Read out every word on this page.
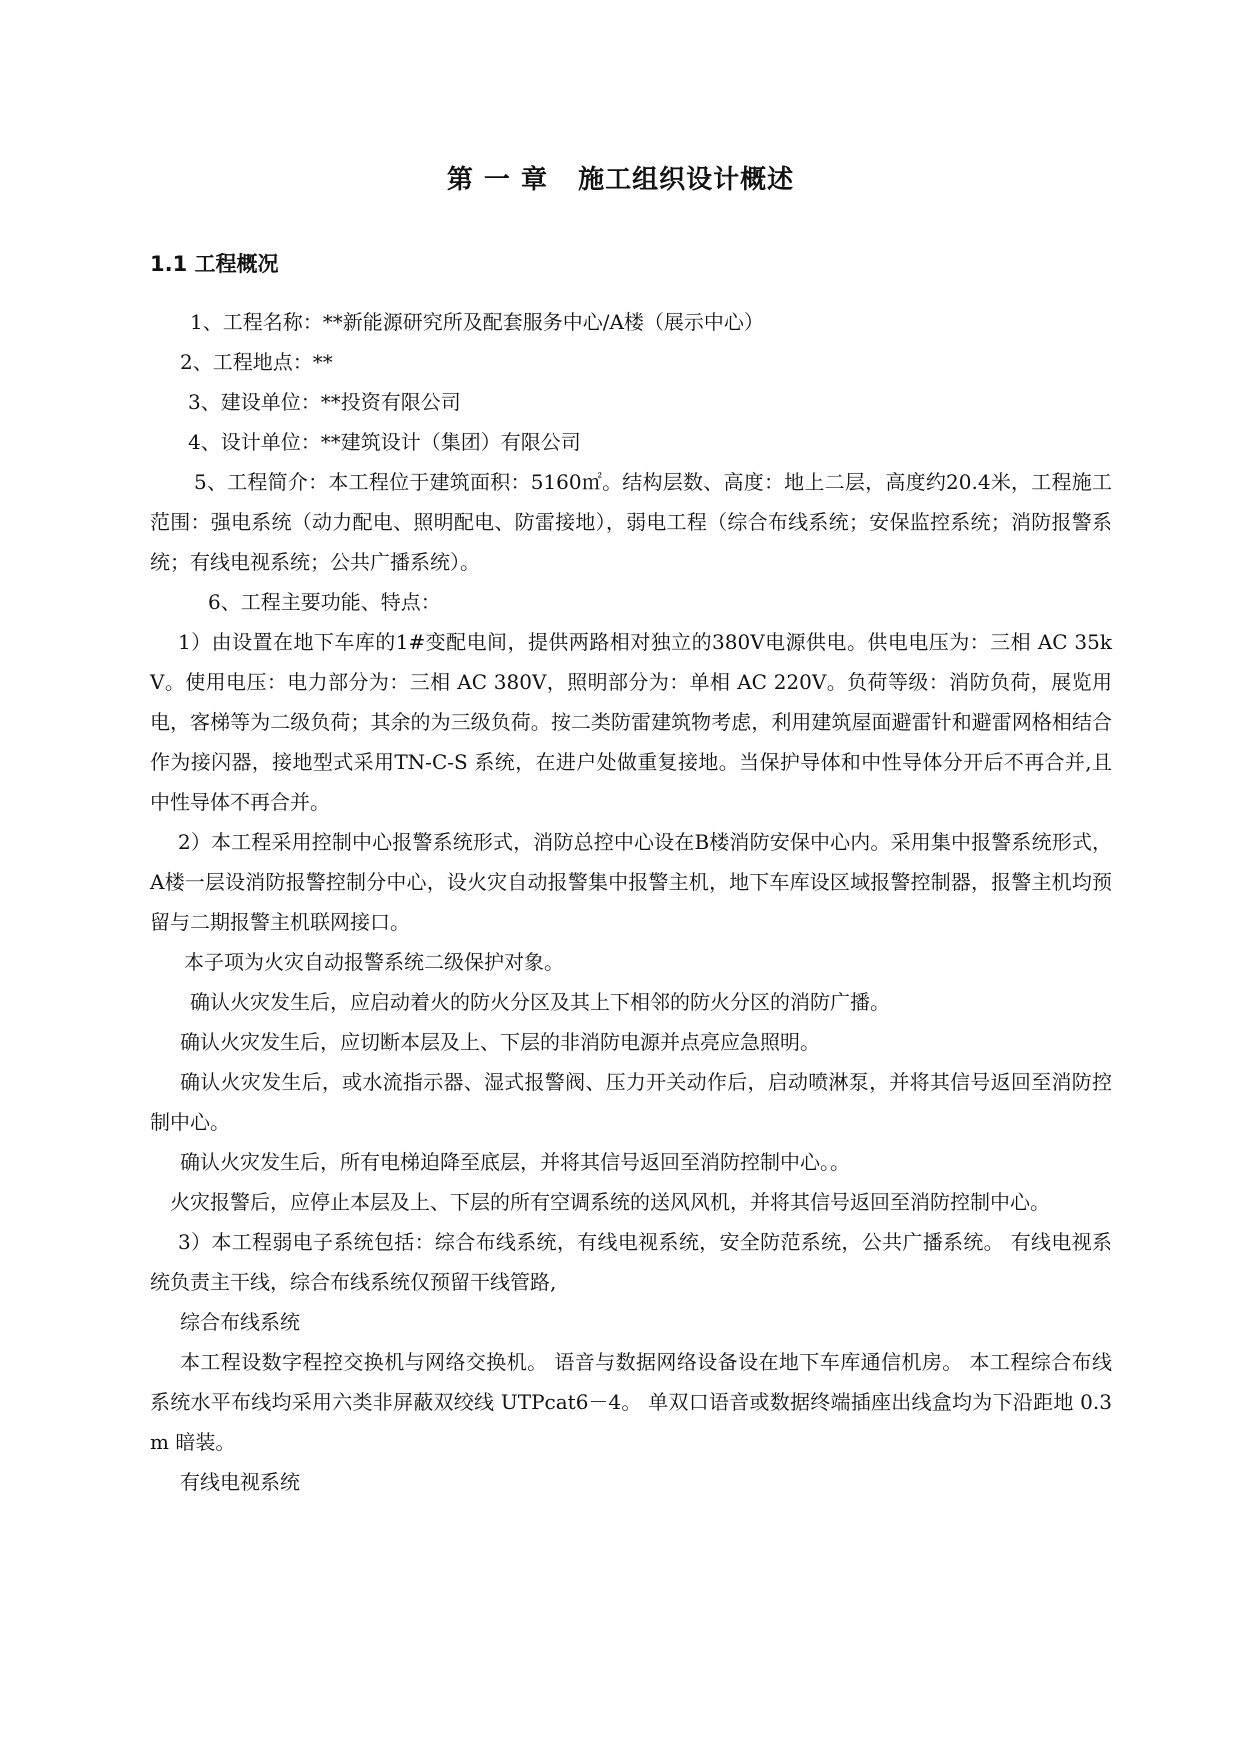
第 一 章   施工组织设计概述
1.1 工程概况

1、工程名称：**新能源研究所及配套服务中心/A楼（展示中心）

2、工程地点：**

3、建设单位：**投资有限公司

4、设计单位：**建筑设计（集团）有限公司

5、工程简介：本工程位于建筑面积：5160㎡。结构层数、高度：地上二层，高度约20.4米，工程施工范围：强电系统（动力配电、照明配电、防雷接地），弱电工程（综合布线系统；安保监控系统；消防报警系统；有线电视系统；公共广播系统）。

6、工程主要功能、特点：

1）由设置在地下车库的1#变配电间，提供两路相对独立的380V电源供电。供电电压为：三相 AC 35kV。使用电压：电力部分为：三相 AC 380V，照明部分为：单相 AC 220V。负荷等级：消防负荷，展览用电，客梯等为二级负荷；其余的为三级负荷。按二类防雷建筑物考虑，利用建筑屋面避雷针和避雷网格相结合作为接闪器，接地型式采用TN-C-S 系统，在进户处做重复接地。当保护导体和中性导体分开后不再合并,且中性导体不再合并。

2）本工程采用控制中心报警系统形式，消防总控中心设在B楼消防安保中心内。采用集中报警系统形式，A楼一层设消防报警控制分中心，设火灾自动报警集中报警主机，地下车库设区域报警控制器，报警主机均预留与二期报警主机联网接口。

本子项为火灾自动报警系统二级保护对象。

确认火灾发生后，应启动着火的防火分区及其上下相邻的防火分区的消防广播。

确认火灾发生后，应切断本层及上、下层的非消防电源并点亮应急照明。

确认火灾发生后，或水流指示器、湿式报警阀、压力开关动作后，启动喷淋泵，并将其信号返回至消防控制中心。

确认火灾发生后，所有电梯迫降至底层，并将其信号返回至消防控制中心。。

火灾报警后，应停止本层及上、下层的所有空调系统的送风风机，并将其信号返回至消防控制中心。

3）本工程弱电子系统包括：综合布线系统，有线电视系统，安全防范系统，公共广播系统。 有线电视系统负责主干线，综合布线系统仅预留干线管路,

综合布线系统

本工程设数字程控交换机与网络交换机。 语音与数据网络设备设在地下车库通信机房。 本工程综合布线系统水平布线均采用六类非屏蔽双绞线 UTPcat6－4。 单双口语音或数据终端插座出线盒均为下沿距地 0.3m 暗装。

有线电视系统
